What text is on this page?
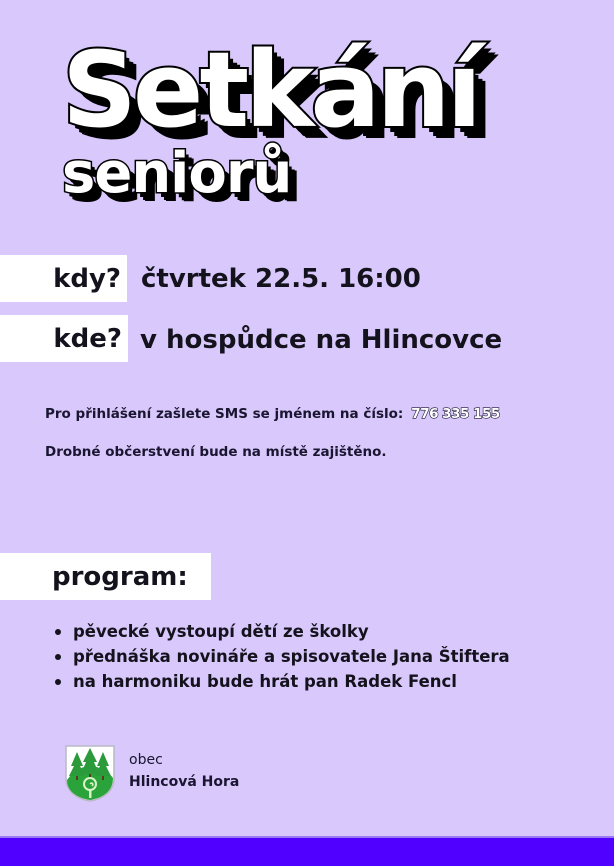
Setkání
seniorů
kdy? čtvrtek 22.5. 16:00
kde? v hospůdce na Hlincovce
Pro přihlášení zašlete SMS se jménem na číslo: 776 335 155
Drobné občerstvení bude na místě zajištěno.
program:
pěvecké vystoupí dětí ze školky
přednáška novináře a spisovatele Jana Štiftera
na harmoniku bude hrát pan Radek Fencl
obec
Hlincová Hora
